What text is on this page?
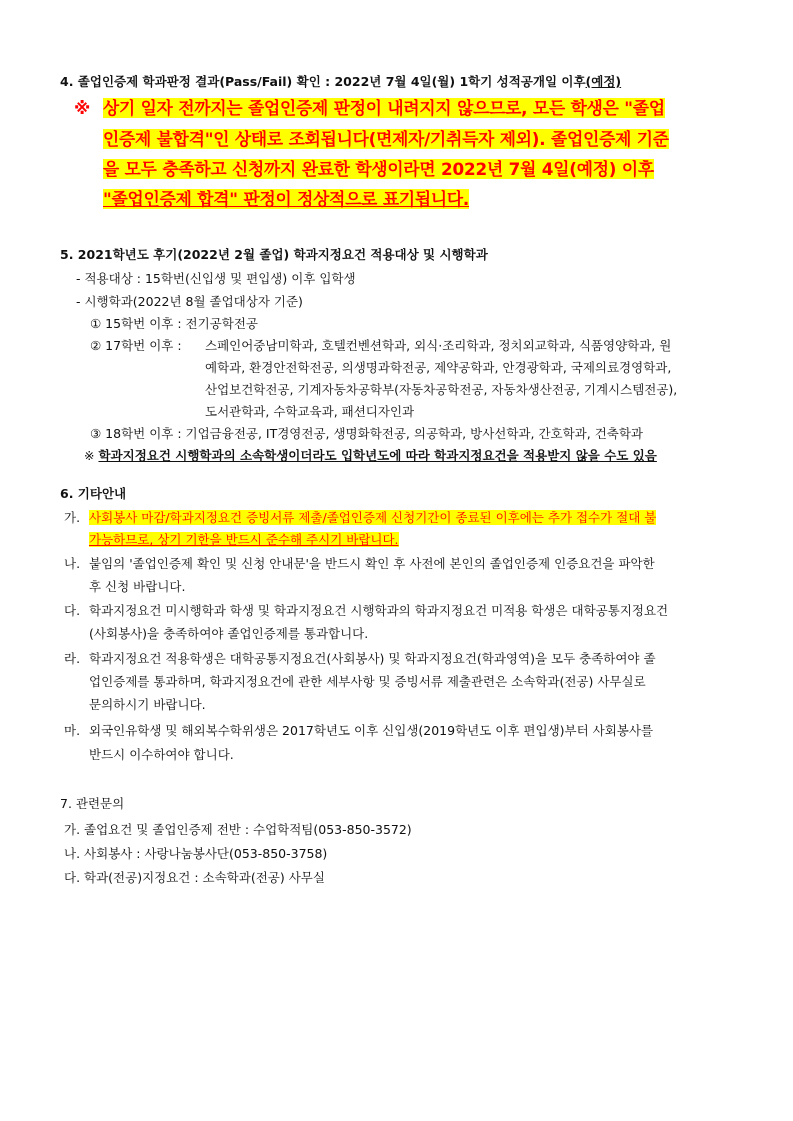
4. 졸업인증제 학과판정 결과(Pass/Fail) 확인 : 2022년 7월 4일(월) 1학기 성적공개일 이후(예정)
※ 상기 일자 전까지는 졸업인증제 판정이 내려지지 않으므로, 모든 학생은 "졸업
인증제 불합격"인 상태로 조회됩니다(면제자/기취득자 제외). 졸업인증제 기준
을 모두 충족하고 신청까지 완료한 학생이라면 2022년 7월 4일(예정) 이후
"졸업인증제 합격" 판정이 정상적으로 표기됩니다.
5. 2021학년도 후기(2022년 2월 졸업) 학과지정요건 적용대상 및 시행학과
- 적용대상 : 15학번(신입생 및 편입생) 이후 입학생
- 시행학과(2022년 8월 졸업대상자 기준)
① 15학번 이후 : 전기공학전공
② 17학번 이후 : 스페인어중남미학과, 호텔컨벤션학과, 외식·조리학과, 정치외교학과, 식품영양학과, 원
예학과, 환경안전학전공, 의생명과학전공, 제약공학과, 안경광학과, 국제의료경영학과,
산업보건학전공, 기계자동차공학부(자동차공학전공, 자동차생산전공, 기계시스템전공),
도서관학과, 수학교육과, 패션디자인과
③ 18학번 이후 : 기업금융전공, IT경영전공, 생명화학전공, 의공학과, 방사선학과, 간호학과, 건축학과
※ 학과지정요건 시행학과의 소속학생이더라도 입학년도에 따라 학과지정요건을 적용받지 않을 수도 있음
6. 기타안내
가. 사회봉사 마감/학과지정요건 증빙서류 제출/졸업인증제 신청기간이 종료된 이후에는 추가 접수가 절대 불
가능하므로, 상기 기한을 반드시 준수해 주시기 바랍니다.
나. 붙임의 '졸업인증제 확인 및 신청 안내문'을 반드시 확인 후 사전에 본인의 졸업인증제 인증요건을 파악한
후 신청 바랍니다.
다. 학과지정요건 미시행학과 학생 및 학과지정요건 시행학과의 학과지정요건 미적용 학생은 대학공통지정요건
(사회봉사)을 충족하여야 졸업인증제를 통과합니다.
라. 학과지정요건 적용학생은 대학공통지정요건(사회봉사) 및 학과지정요건(학과영역)을 모두 충족하여야 졸
업인증제를 통과하며, 학과지정요건에 관한 세부사항 및 증빙서류 제출관련은 소속학과(전공) 사무실로
문의하시기 바랍니다.
마. 외국인유학생 및 해외복수학위생은 2017학년도 이후 신입생(2019학년도 이후 편입생)부터 사회봉사를
반드시 이수하여야 합니다.
7. 관련문의
가. 졸업요건 및 졸업인증제 전반 : 수업학적팀(053-850-3572)
나. 사회봉사 : 사랑나눔봉사단(053-850-3758)
다. 학과(전공)지정요건 : 소속학과(전공) 사무실
